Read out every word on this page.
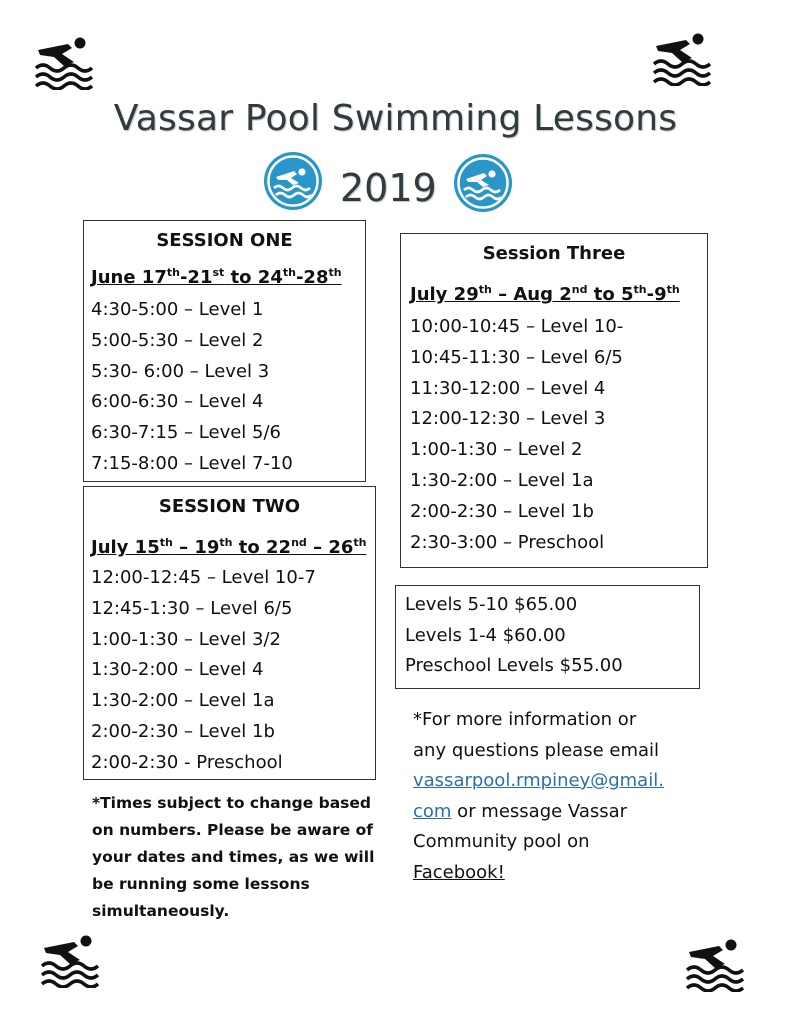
Vassar Pool Swimming Lessons
2019
SESSION ONE
June 17th-21st to 24th-28th
4:30-5:00 – Level 1
5:00-5:30 – Level 2
5:30- 6:00 – Level 3
6:00-6:30 – Level 4
6:30-7:15 – Level 5/6
7:15-8:00 – Level 7-10
SESSION TWO
July 15th – 19th to 22nd – 26th
12:00-12:45 – Level 10-7
12:45-1:30 – Level 6/5
1:00-1:30 – Level 3/2
1:30-2:00 – Level 4
1:30-2:00 – Level 1a
2:00-2:30 – Level 1b
2:00-2:30 - Preschool
Session Three
July 29th – Aug 2nd to 5th-9th
10:00-10:45 – Level 10-
10:45-11:30 – Level 6/5
11:30-12:00 – Level 4
12:00-12:30 – Level 3
1:00-1:30 – Level 2
1:30-2:00 – Level 1a
2:00-2:30 – Level 1b
2:30-3:00 – Preschool
Levels 5-10 $65.00
Levels 1-4 $60.00
Preschool Levels $55.00
*Times subject to change based on numbers. Please be aware of your dates and times, as we will be running some lessons simultaneously.
*For more information or
any questions please email
vassarpool.rmpiney@gmail.
com or message Vassar
Community pool on
Facebook!
